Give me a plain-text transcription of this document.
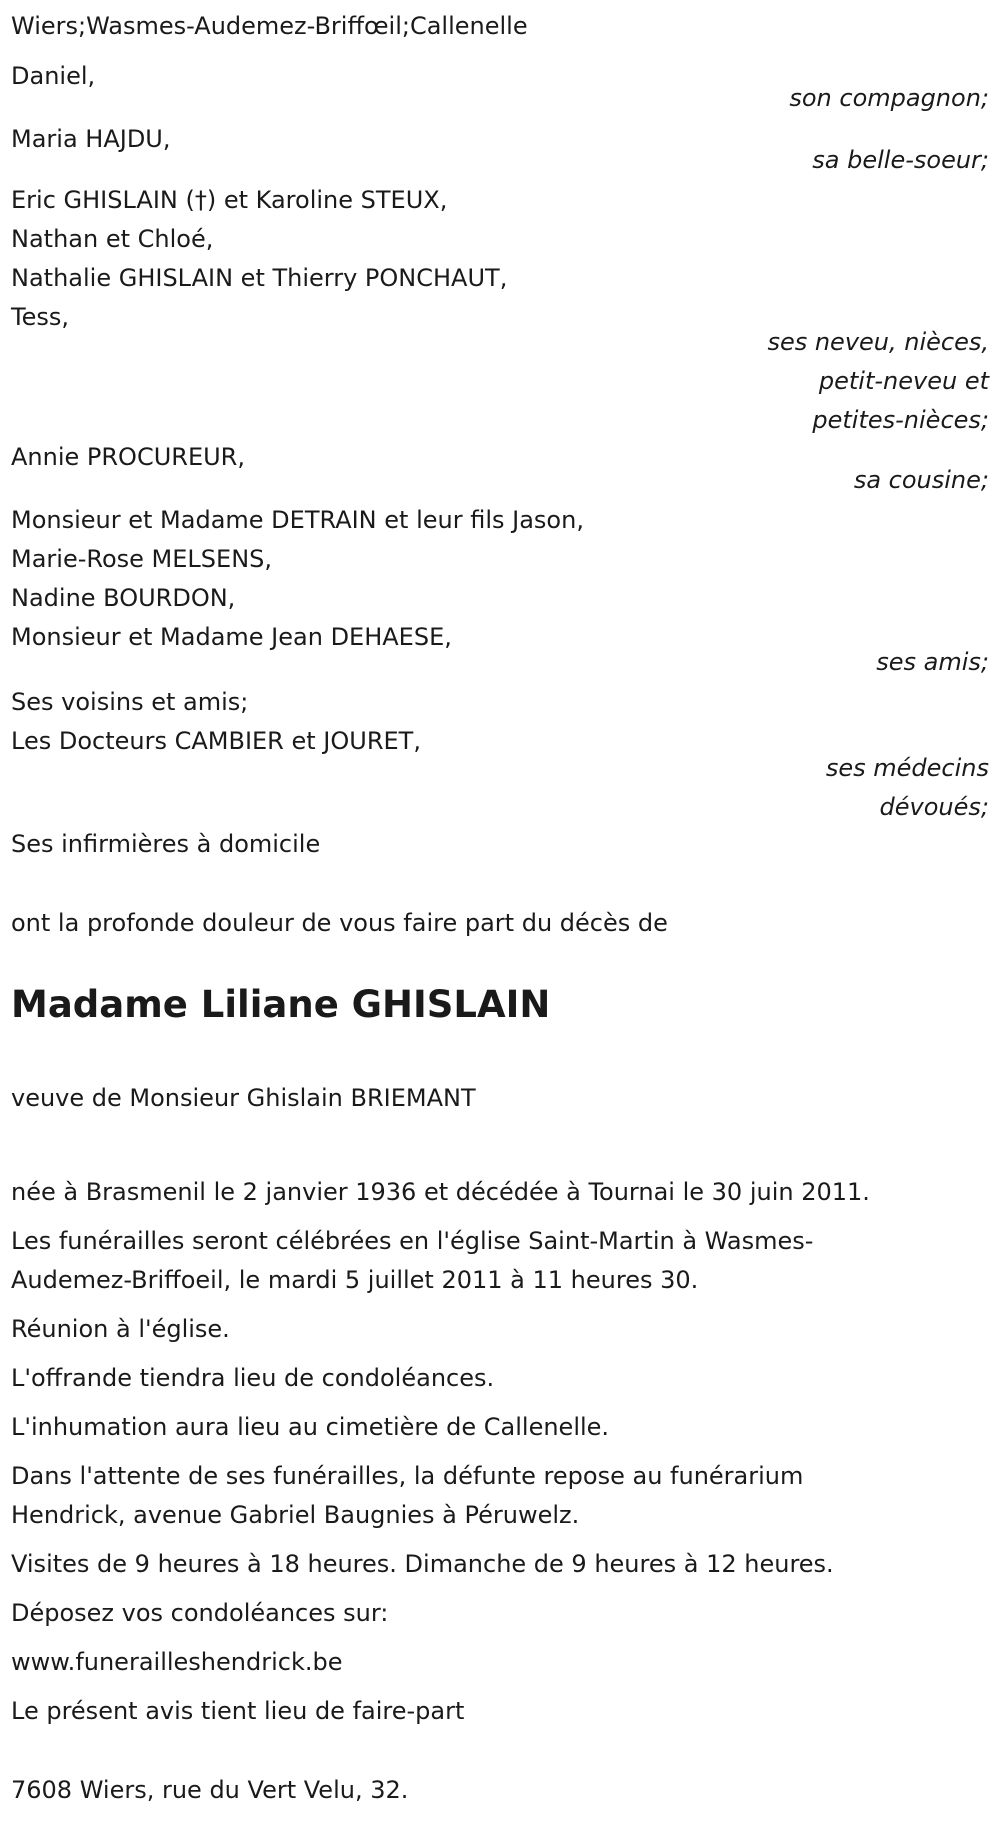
Wiers;Wasmes-Audemez-Briffœil;Callenelle
Daniel,
son compagnon;
Maria HAJDU,
sa belle-soeur;
Eric GHISLAIN (†) et Karoline STEUX,
Nathan et Chloé,
Nathalie GHISLAIN et Thierry PONCHAUT,
Tess,
ses neveu, nièces,
petit-neveu et
petites-nièces;
Annie PROCUREUR,
sa cousine;
Monsieur et Madame DETRAIN et leur fils Jason,
Marie-Rose MELSENS,
Nadine BOURDON,
Monsieur et Madame Jean DEHAESE,
ses amis;
Ses voisins et amis;
Les Docteurs CAMBIER et JOURET,
ses médecins
dévoués;
Ses infirmières à domicile
ont la profonde douleur de vous faire part du décès de
Madame Liliane GHISLAIN
veuve de Monsieur Ghislain BRIEMANT
née à Brasmenil le 2 janvier 1936 et décédée à Tournai le 30 juin 2011.
Les funérailles seront célébrées en l'église Saint-Martin à Wasmes-
Audemez-Briffoeil, le mardi 5 juillet 2011 à 11 heures 30.
Réunion à l'église.
L'offrande tiendra lieu de condoléances.
L'inhumation aura lieu au cimetière de Callenelle.
Dans l'attente de ses funérailles, la défunte repose au funérarium
Hendrick, avenue Gabriel Baugnies à Péruwelz.
Visites de 9 heures à 18 heures. Dimanche de 9 heures à 12 heures.
Déposez vos condoléances sur:
www.funerailleshendrick.be
Le présent avis tient lieu de faire-part
7608 Wiers, rue du Vert Velu, 32.
